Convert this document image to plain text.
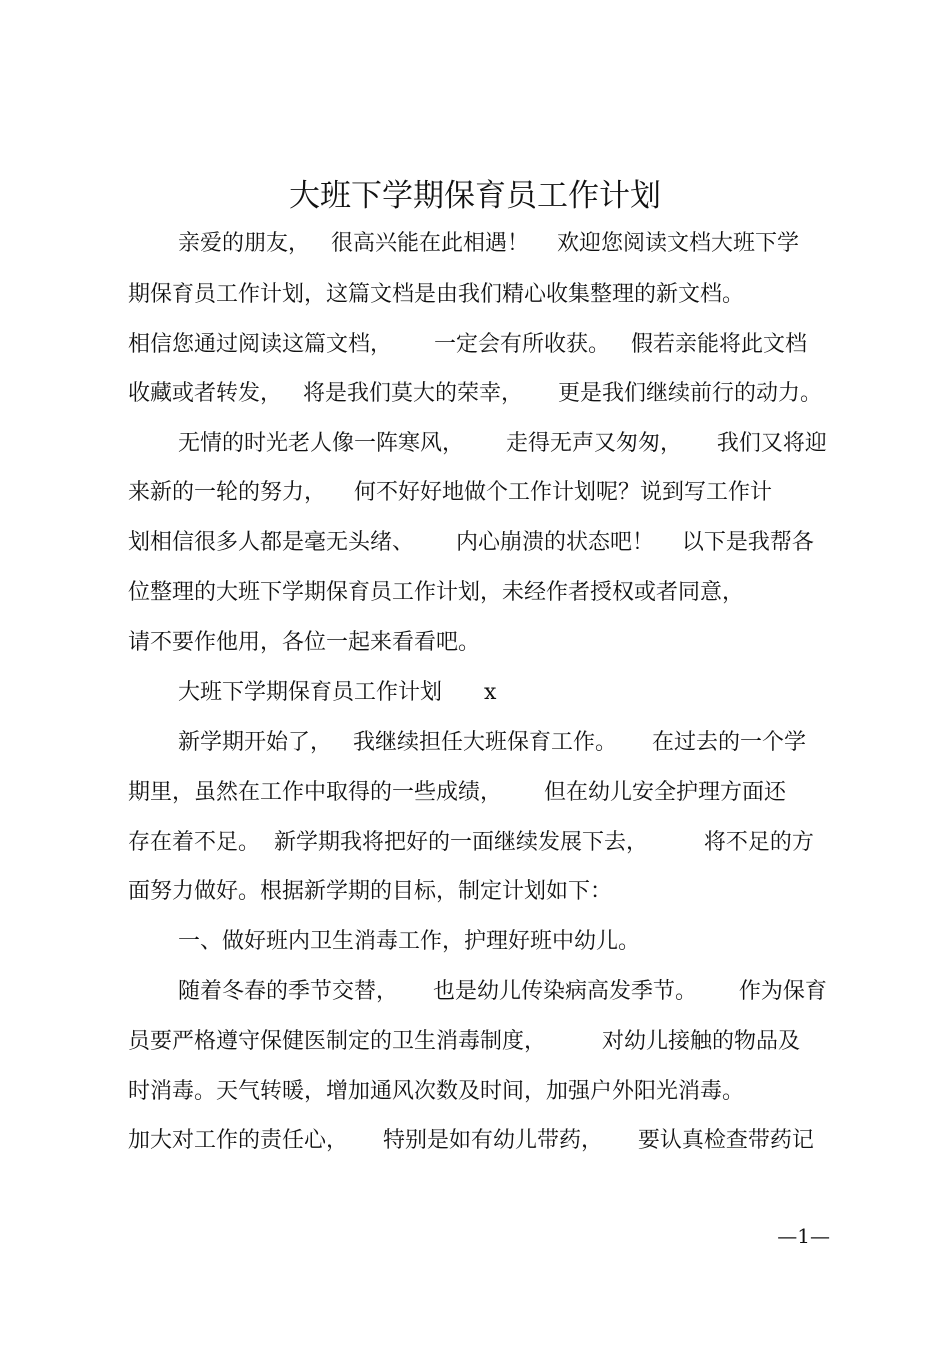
大班下学期保育员工作计划
亲爱的朋友，   很高兴能在此相遇！    欢迎您阅读文档大班下学
期保育员工作计划，这篇文档是由我们精心收集整理的新文档。
相信您通过阅读这篇文档，      一定会有所收获。   假若亲能将此文档
收藏或者转发，   将是我们莫大的荣幸，     更是我们继续前行的动力。
无情的时光老人像一阵寒风，      走得无声又匆匆，     我们又将迎
来新的一轮的努力，    何不好好地做个工作计划呢？说到写工作计
划相信很多人都是毫无头绪、      内心崩溃的状态吧！    以下是我帮各
位整理的大班下学期保育员工作计划，未经作者授权或者同意，
请不要作他用，各位一起来看看吧。
大班下学期保育员工作计划      x
新学期开始了，   我继续担任大班保育工作。     在过去的一个学
期里，虽然在工作中取得的一些成绩，      但在幼儿安全护理方面还
存在着不足。  新学期我将把好的一面继续发展下去，        将不足的方
面努力做好。根据新学期的目标，制定计划如下：
一、做好班内卫生消毒工作，护理好班中幼儿。
随着冬春的季节交替，     也是幼儿传染病高发季节。      作为保育
员要严格遵守保健医制定的卫生消毒制度，        对幼儿接触的物品及
时消毒。天气转暖，增加通风次数及时间，加强户外阳光消毒。
加大对工作的责任心，     特别是如有幼儿带药，     要认真检查带药记
—1—
